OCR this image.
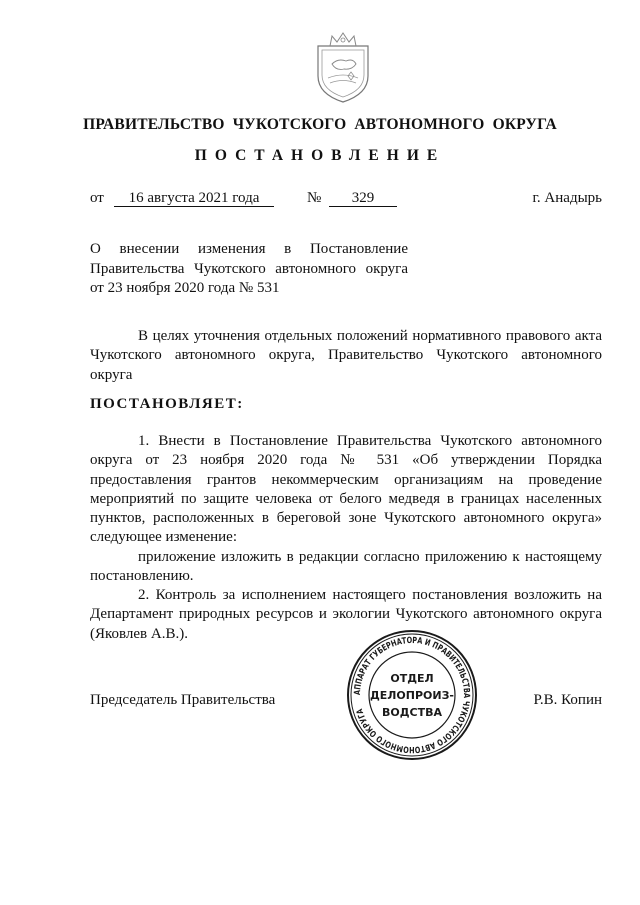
ПРАВИТЕЛЬСТВО ЧУКОТСКОГО АВТОНОМНОГО ОКРУГА
ПОСТАНОВЛЕНИЕ
от	16 августа 2021 года	№	329	г. Анадырь
О внесении изменения в Постановление
Правительства Чукотского автономного округа
от 23 ноября 2020 года № 531
В целях уточнения отдельных положений нормативного правового акта
Чукотского автономного округа, Правительство Чукотского автономного
округа
ПОСТАНОВЛЯЕТ:
1. Внести в Постановление Правительства Чукотского автономного
округа от 23 ноября 2020 года № 531 «Об утверждении Порядка
предоставления грантов некоммерческим организациям на проведение
мероприятий по защите человека от белого медведя в границах населенных
пунктов, расположенных в береговой зоне Чукотского автономного округа»
следующее изменение:
приложение изложить в редакции согласно приложению к настоящему
постановлению.
2. Контроль за исполнением настоящего постановления возложить на
Департамент природных ресурсов и экологии Чукотского автономного округа
(Яковлев А.В.).
Председатель Правительства	Р.В. Копин
АППАРАТ ГУБЕРНАТОРА И ПРАВИТЕЛЬСТВА ЧУКОТСКОГО АВТОНОМНОГО ОКРУГА
ОТДЕЛ
ДЕЛОПРОИЗ-
ВОДСТВА
